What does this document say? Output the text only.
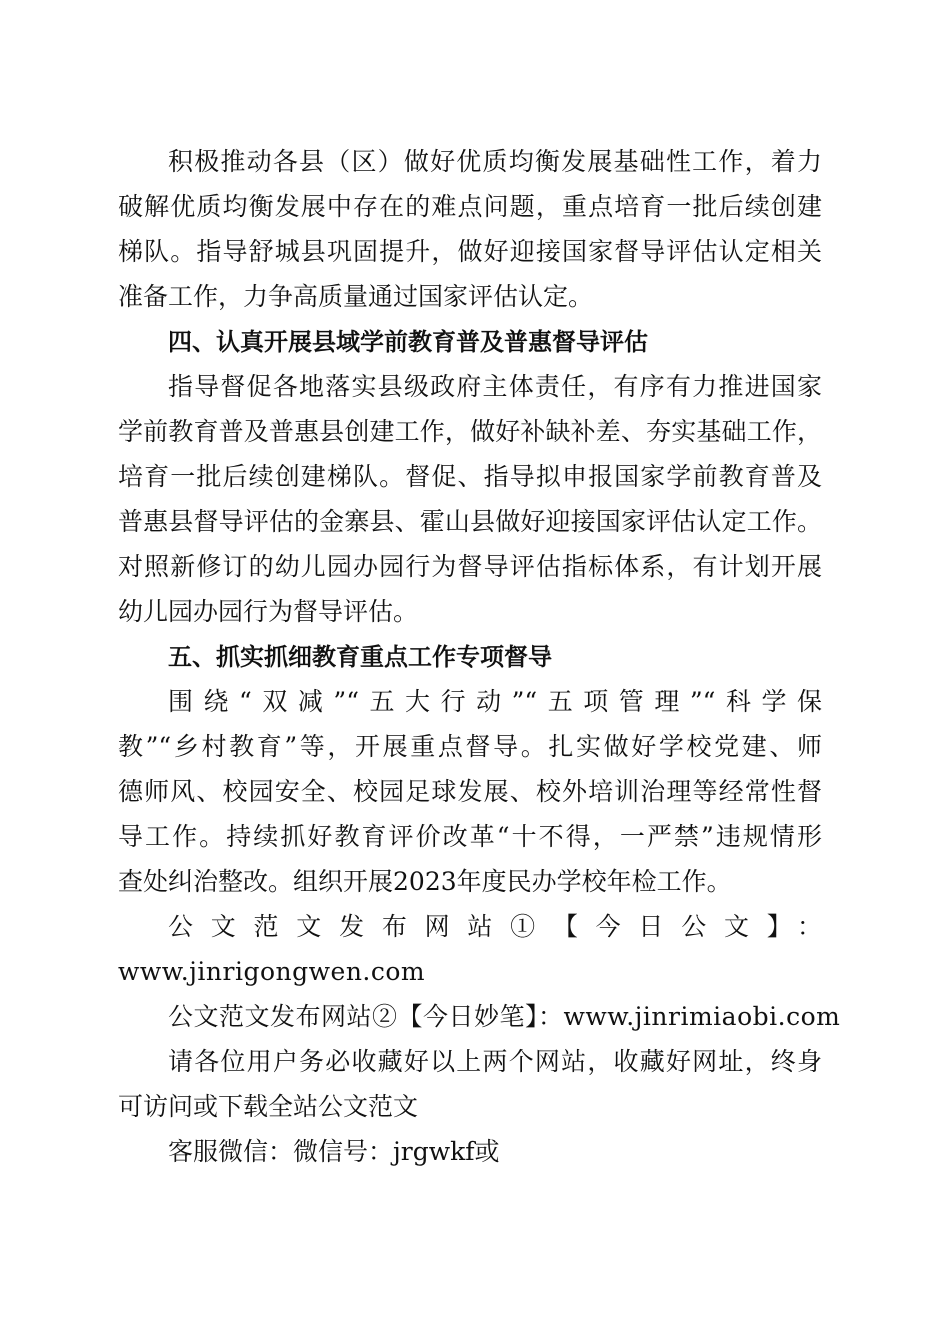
积极推动各县（区）做好优质均衡发展基础性工作，着力
破解优质均衡发展中存在的难点问题，重点培育一批后续创建
梯队。指导舒城县巩固提升，做好迎接国家督导评估认定相关
准备工作，力争高质量通过国家评估认定。
四、认真开展县域学前教育普及普惠督导评估
指导督促各地落实县级政府主体责任，有序有力推进国家
学前教育普及普惠县创建工作，做好补缺补差、夯实基础工作，
培育一批后续创建梯队。督促、指导拟申报国家学前教育普及
普惠县督导评估的金寨县、霍山县做好迎接国家评估认定工作。
对照新修订的幼儿园办园行为督导评估指标体系，有计划开展
幼儿园办园行为督导评估。
五、抓实抓细教育重点工作专项督导
围绕“双减”“五大行动”“五项管理”“科学保
教”“乡村教育”等，开展重点督导。扎实做好学校党建、师
德师风、校园安全、校园足球发展、校外培训治理等经常性督
导工作。持续抓好教育评价改革“十不得，一严禁”违规情形
查处纠治整改。组织开展2023年度民办学校年检工作。
公文范文发布网站①【今日公文】：
www.jinrigongwen.com
公文范文发布网站②【今日妙笔】：www.jinrimiaobi.com
请各位用户务必收藏好以上两个网站，收藏好网址，终身
可访问或下载全站公文范文
客服微信：微信号：jrgwkf或
